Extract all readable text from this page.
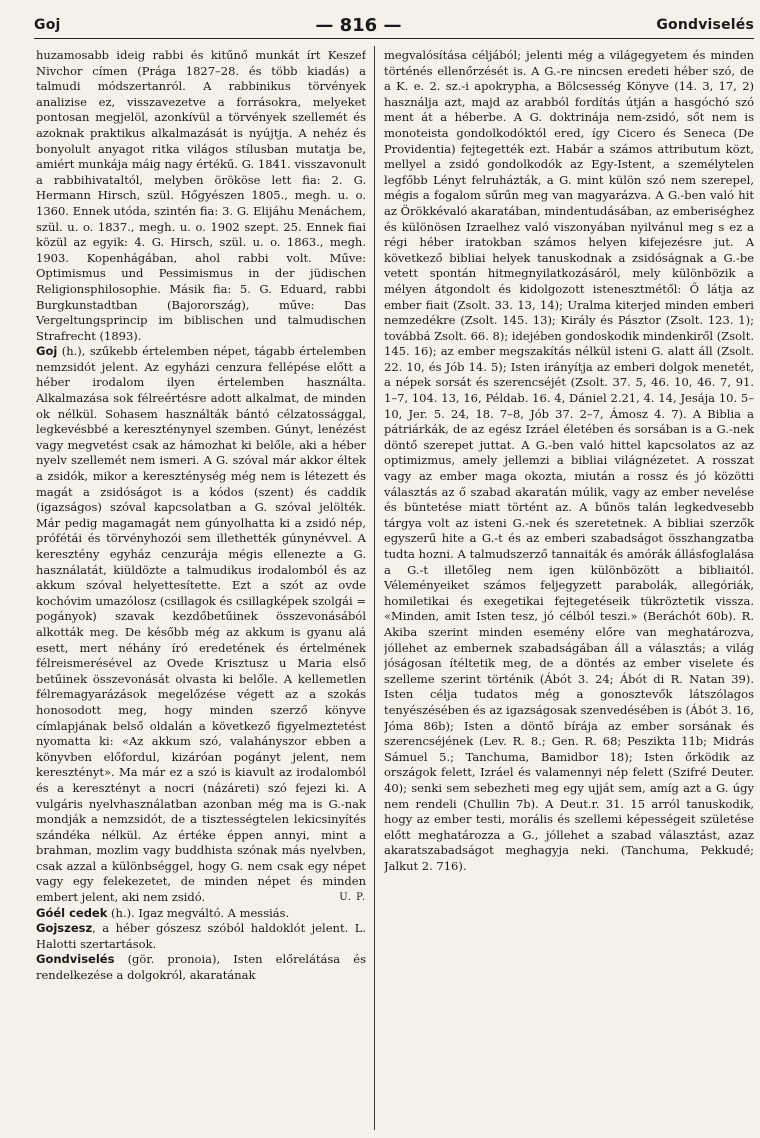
Goj	— 816 —	Gondviselés

huzamosabb ideig rabbi és kitűnő munkát írt Keszef Nivchor címen (Prága 1827–28. és több kiadás) a talmudi módszertanról. A rabbinikus törvények analizise ez, visszavezetve a forrásokra, melyeket pontosan megjelöl, azonkívül a törvények szellemét és azoknak praktikus alkalmazását is nyújtja. A nehéz és bonyolult anyagot ritka világos stílusban mutatja be, amiért munkája máig nagy értékű. G. 1841. visszavonult a rabbihivataltól, melyben örököse lett fia: 2. G. Hermann Hirsch, szül. Hőgyészen 1805., megh. u. o. 1360. Ennek utóda, szintén fia: 3. G. Elijáhu Menáchem, szül. u. o. 1837., megh. u. o. 1902 szept. 25. Ennek fiai közül az egyik: 4. G. Hirsch, szül. u. o. 1863., megh. 1903. Kopenhágában, ahol rabbi volt. Műve: Optimismus und Pessimismus in der jüdischen Religionsphilosophie. Másik fia: 5. G. Eduard, rabbi Burgkunstadtban (Bajorország), műve: Das Vergeltungsprincip im biblischen und talmudischen Strafrecht (1893).

Goj (h.), szűkebb értelemben népet, tágabb értelemben nemzsidót jelent. Az egyházi cenzura fellépése előtt a héber irodalom ilyen értelemben használta. Alkalmazása sok félreértésre adott alkalmat, de minden ok nélkül. Sohasem használták bántó célzatossággal, legkevésbbé a kereszténynyel szemben. Gúnyt, lenézést vagy megvetést csak az hámozhat ki belőle, aki a héber nyelv szellemét nem ismeri. A G. szóval már akkor éltek a zsidók, mikor a kereszténység még nem is létezett és magát a zsidóságot is a kódos (szent) és caddik (igazságos) szóval kapcsolatban a G. szóval jelölték. Már pedig magamagát nem gúnyolhatta ki a zsidó nép, prófétái és törvényhozói sem illethették gúnynévvel. A keresztény egyház cenzurája mégis ellenezte a G. használatát, kiüldözte a talmudikus irodalomból és az akkum szóval helyettesítette. Ezt a szót az ovde kochóvim umazólosz (csillagok és csillagképek szolgái = pogányok) szavak kezdőbetűinek összevonásából alkották meg. De később még az akkum is gyanu alá esett, mert néhány író eredetének és értelmének félreismerésével az Ovede Krisztusz u Maria első betűinek összevonását olvasta ki belőle. A kellemetlen félremagyarázások megelőzése végett az a szokás honosodott meg, hogy minden szerző könyve címlapjának belső oldalán a következő figyelmeztetést nyomatta ki: «Az akkum szó, valahányszor ebben a könyvben előfordul, kizáróan pogányt jelent, nem keresztényt». Ma már ez a szó is kiavult az irodalomból és a keresztényt a nocri (názáreti) szó fejezi ki. A vulgáris nyelvhasználatban azonban még ma is G.-nak mondják a nemzsidót, de a tisztességtelen lekicsinyítés szándéka nélkül. Az értéke éppen annyi, mint a brahman, mozlim vagy buddhista szónak más nyelvben, csak azzal a különbséggel, hogy G. nem csak egy népet vagy egy felekezetet, de minden népet és minden embert jelent, aki nem zsidó.	U. P.

Góél cedek (h.). Igaz megváltó. A messiás.

Gojszesz, a héber gószesz szóból haldoklót jelent. L. Halotti szertartások.

Gondviselés (gör. pronoia), Isten előrelátása és rendelkezése a dolgokról, akaratának

megvalósítása céljából; jelenti még a világegyetem és minden történés ellenőrzését is. A G.-re nincsen eredeti héber szó, de a K. e. 2. sz.-i apokrypha, a Bölcsesség Könyve (14. 3, 17, 2) használja azt, majd az arabból fordítás útján a hasgóchó szó ment át a héberbe. A G. doktrinája nem-zsidó, sőt nem is monoteista gondolkodóktól ered, így Cicero és Seneca (De Providentia) fejtegették ezt. Habár a számos attributum közt, mellyel a zsidó gondolkodók az Egy-Istent, a személytelen legfőbb Lényt felruházták, a G. mint külön szó nem szerepel, mégis a fogalom sűrűn meg van magyarázva. A G.-ben való hit az Örökkévaló akaratában, mindentudásában, az emberiséghez és különösen Izraelhez való viszonyában nyilvánul meg s ez a régi héber iratokban számos helyen kifejezésre jut. A következő bibliai helyek tanuskodnak a zsidóságnak a G.-be vetett spontán hitmegnyilatkozásáról, mely különbözik a mélyen átgondolt és kidolgozott istenesztmétől: Ő látja az ember fiait (Zsolt. 33. 13, 14); Uralma kiterjed minden emberi nemzedékre (Zsolt. 145. 13); Király és Pásztor (Zsolt. 123. 1); továbbá Zsolt. 66. 8); idejében gondoskodik mindenkiről (Zsolt. 145. 16); az ember megszakítás nélkül isteni G. alatt áll (Zsolt. 22. 10, és Jób 14. 5); Isten irányítja az emberi dolgok menetét, a népek sorsát és szerencséjét (Zsolt. 37. 5, 46. 10, 46. 7, 91. 1–7, 104. 13, 16, Példab. 16. 4, Dániel 2.21, 4. 14, Jesája 10. 5–10, Jer. 5. 24, 18. 7–8, Jób 37. 2–7, Ámosz 4. 7). A Biblia a pátriárkák, de az egész Izráel életében és sorsában is a G.-nek döntő szerepet juttat. A G.-ben való hittel kapcsolatos az az optimizmus, amely jellemzi a bibliai világnézetet. A rosszat vagy az ember maga okozta, miután a rossz és jó közötti választás az ő szabad akaratán múlik, vagy az ember nevelése és büntetése miatt történt az. A bűnös talán legkedvesebb tárgya volt az isteni G.-nek és szeretetnek. A bibliai szerzők egyszerű hite a G.-t és az emberi szabadságot összhangzatba tudta hozni. A talmudszerző tannaiták és amórák állásfoglalása a G.-t illetőleg nem igen különbözött a bibliaitól. Véleményeiket számos feljegyzett parabolák, allegóriák, homiletikai és exegetikai fejtegetéseik tükröztetik vissza. «Minden, amit Isten tesz, jó célból teszi.» (Beráchót 60b). R. Akiba szerint minden esemény előre van meghatározva, jóllehet az embernek szabadságában áll a választás; a világ jóságosan ítéltetik meg, de a döntés az ember viselete és szelleme szerint történik (Ábót 3. 24; Ábót di R. Natan 39). Isten célja tudatos még a gonosztevők látszólagos tenyészésében és az igazságosak szenvedésében is (Ábót 3. 16, Jóma 86b); Isten a döntő bírája az ember sorsának és szerencséjének (Lev. R. 8.; Gen. R. 68; Peszikta 11b; Midrás Sámuel 5.; Tanchuma, Bamidbor 18); Isten őrködik az országok felett, Izráel és valamennyi nép felett (Szifré Deuter. 40); senki sem sebezheti meg egy ujját sem, amíg azt a G. úgy nem rendeli (Chullin 7b). A Deut.r. 31. 15 arról tanuskodik, hogy az ember testi, morális és szellemi képességeit születése előtt meghatározza a G., jóllehet a szabad választást, azaz akaratszabadságot meghagyja neki. (Tanchuma, Pekkudé; Jalkut 2. 716).
